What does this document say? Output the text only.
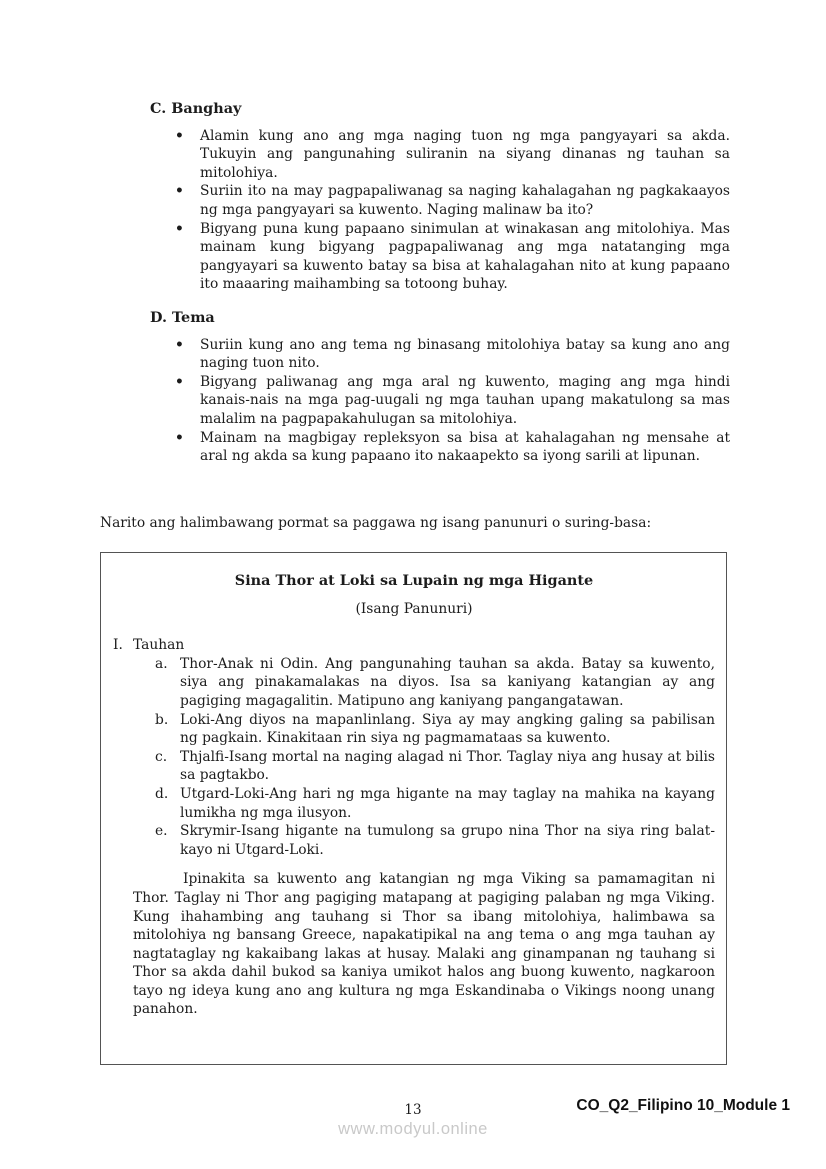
C. Banghay
•
Alamin kung ano ang mga naging tuon ng mga pangyayari sa akda. Tukuyin ang pangunahing suliranin na siyang dinanas ng tauhan sa mitolohiya.
•
Suriin ito na may pagpapaliwanag sa naging kahalagahan ng pagkakaayos ng mga pangyayari sa kuwento. Naging malinaw ba ito?
•
Bigyang puna kung papaano sinimulan at winakasan ang mitolohiya. Mas mainam kung bigyang pagpapaliwanag ang mga natatanging mga pangyayari sa kuwento batay sa bisa at kahalagahan nito at kung papaano ito maaaring maihambing sa totoong buhay.
D. Tema
•
Suriin kung ano ang tema ng binasang mitolohiya batay sa kung ano ang naging tuon nito.
•
Bigyang paliwanag ang mga aral ng kuwento, maging ang mga hindi kanais-nais na mga pag-uugali ng mga tauhan upang makatulong sa mas malalim na pagpapakahulugan sa mitolohiya.
•
Mainam na magbigay repleksyon sa bisa at kahalagahan ng mensahe at aral ng akda sa kung papaano ito nakaapekto sa iyong sarili at lipunan.

Narito ang halimbawang pormat sa paggawa ng isang panunuri o suring-basa:

Sina Thor at Loki sa Lupain ng mga Higante
(Isang Panunuri)
I. Tauhan
a. Thor-Anak ni Odin. Ang pangunahing tauhan sa akda. Batay sa kuwento, siya ang pinakamalakas na diyos. Isa sa kaniyang katangian ay ang pagiging magagalitin. Matipuno ang kaniyang pangangatawan.
b. Loki-Ang diyos na mapanlinlang. Siya ay may angking galing sa pabilisan ng pagkain. Kinakitaan rin siya ng pagmamataas sa kuwento.
c. Thjalfi-Isang mortal na naging alagad ni Thor. Taglay niya ang husay at bilis sa pagtakbo.
d. Utgard-Loki-Ang hari ng mga higante na may taglay na mahika na kayang lumikha ng mga ilusyon.
e. Skrymir-Isang higante na tumulong sa grupo nina Thor na siya ring balat-kayo ni Utgard-Loki.

Ipinakita sa kuwento ang katangian ng mga Viking sa pamamagitan ni Thor. Taglay ni Thor ang pagiging matapang at pagiging palaban ng mga Viking. Kung ihahambing ang tauhang si Thor sa ibang mitolohiya, halimbawa sa mitolohiya ng bansang Greece, napakatipikal na ang tema o ang mga tauhan ay nagtataglay ng kakaibang lakas at husay. Malaki ang ginampanan ng tauhang si Thor sa akda dahil bukod sa kaniya umikot halos ang buong kuwento, nagkaroon tayo ng ideya kung ano ang kultura ng mga Eskandinaba o Vikings noong unang panahon.

13	CO_Q2_Filipino 10_Module 1
www.modyul.online
